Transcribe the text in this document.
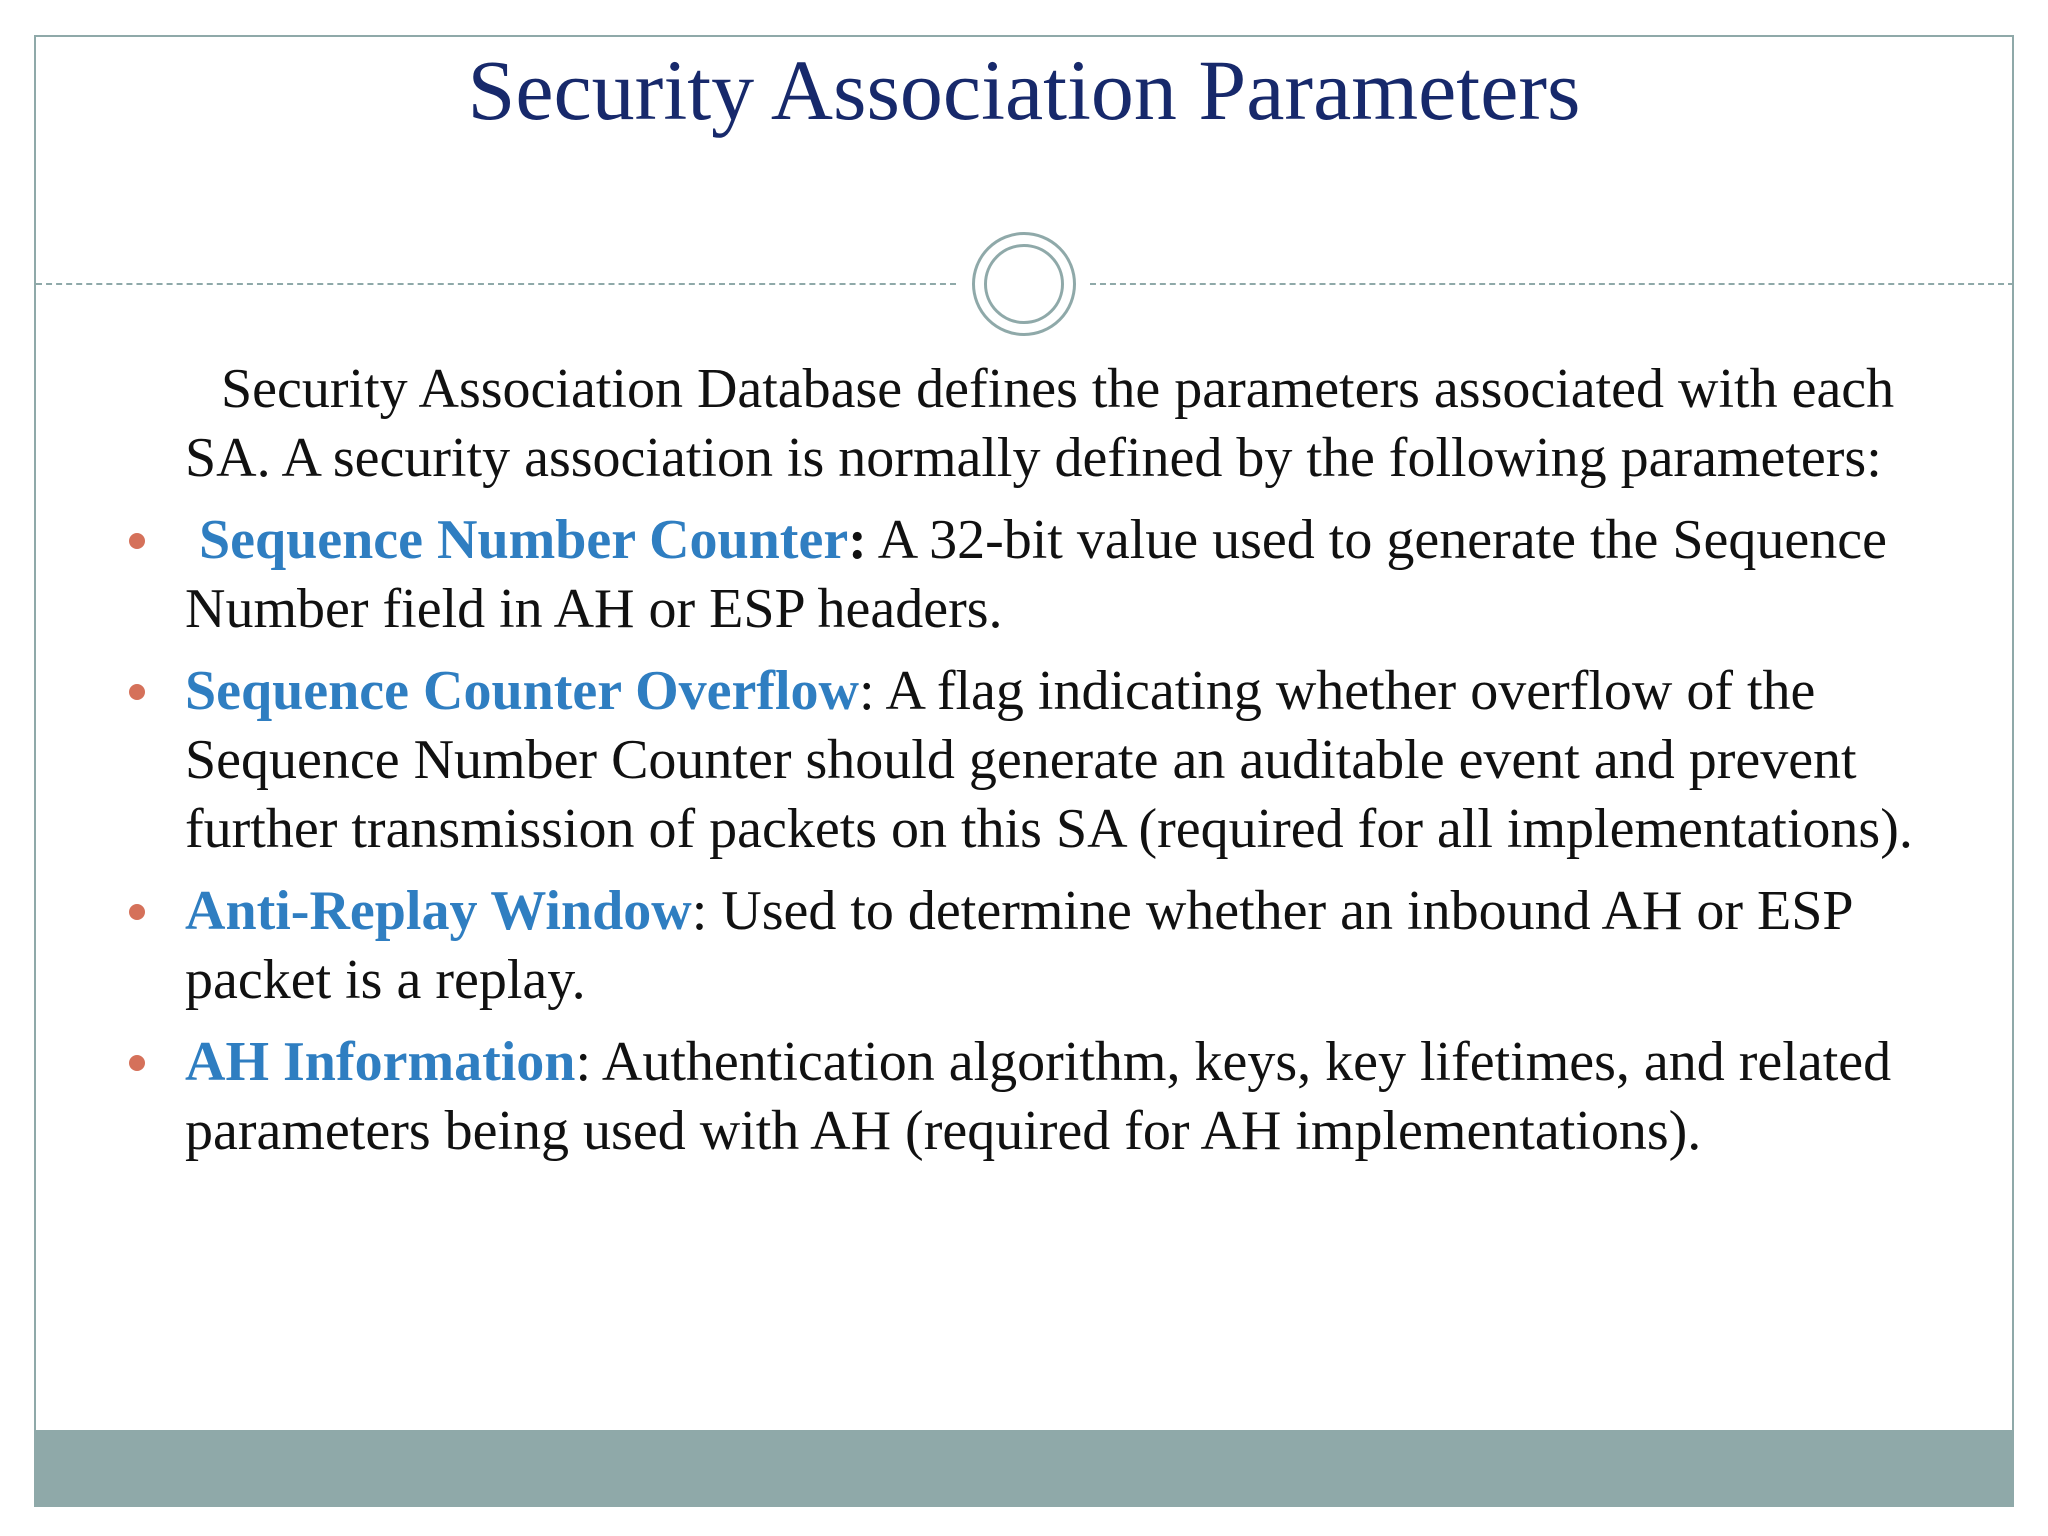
Security Association Parameters

Security Association Database defines the parameters associated with each SA. A security association is normally defined by the following parameters:

Sequence Number Counter: A 32-bit value used to generate the Sequence Number field in AH or ESP headers.
Sequence Counter Overflow: A flag indicating whether overflow of the Sequence Number Counter should generate an auditable event and prevent further transmission of packets on this SA (required for all implementations).
Anti-Replay Window: Used to determine whether an inbound AH or ESP packet is a replay.
AH Information: Authentication algorithm, keys, key lifetimes, and related parameters being used with AH (required for AH implementations).
